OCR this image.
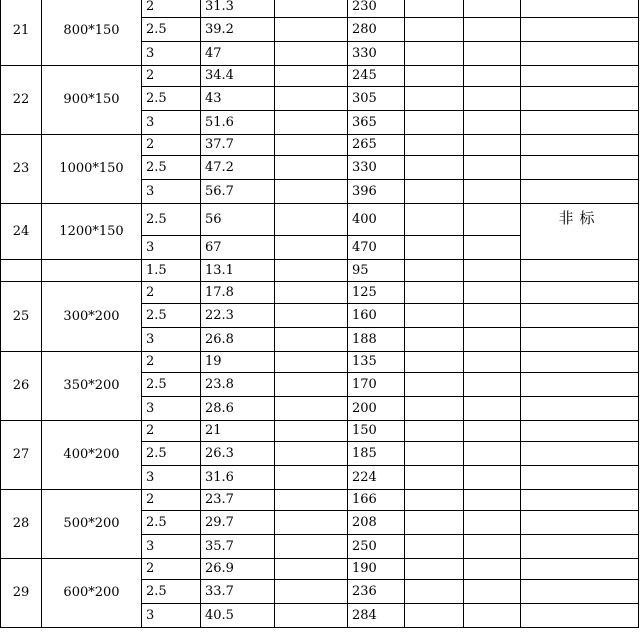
21	800*150	2	31.3		230			
		2.5	39.2		280			
		3	47		330			
22	900*150	2	34.4		245			
		2.5	43		305			
		3	51.6		365			
23	1000*150	2	37.7		265			
		2.5	47.2		330			
		3	56.7		396			
24	1200*150	2.5	56		400			非标
		3	67		470			
		1.5	13.1		95			
25	300*200	2	17.8		125			
		2.5	22.3		160			
		3	26.8		188			
26	350*200	2	19		135			
		2.5	23.8		170			
		3	28.6		200			
27	400*200	2	21		150			
		2.5	26.3		185			
		3	31.6		224			
28	500*200	2	23.7		166			
		2.5	29.7		208			
		3	35.7		250			
29	600*200	2	26.9		190			
		2.5	33.7		236			
		3	40.5		284			
